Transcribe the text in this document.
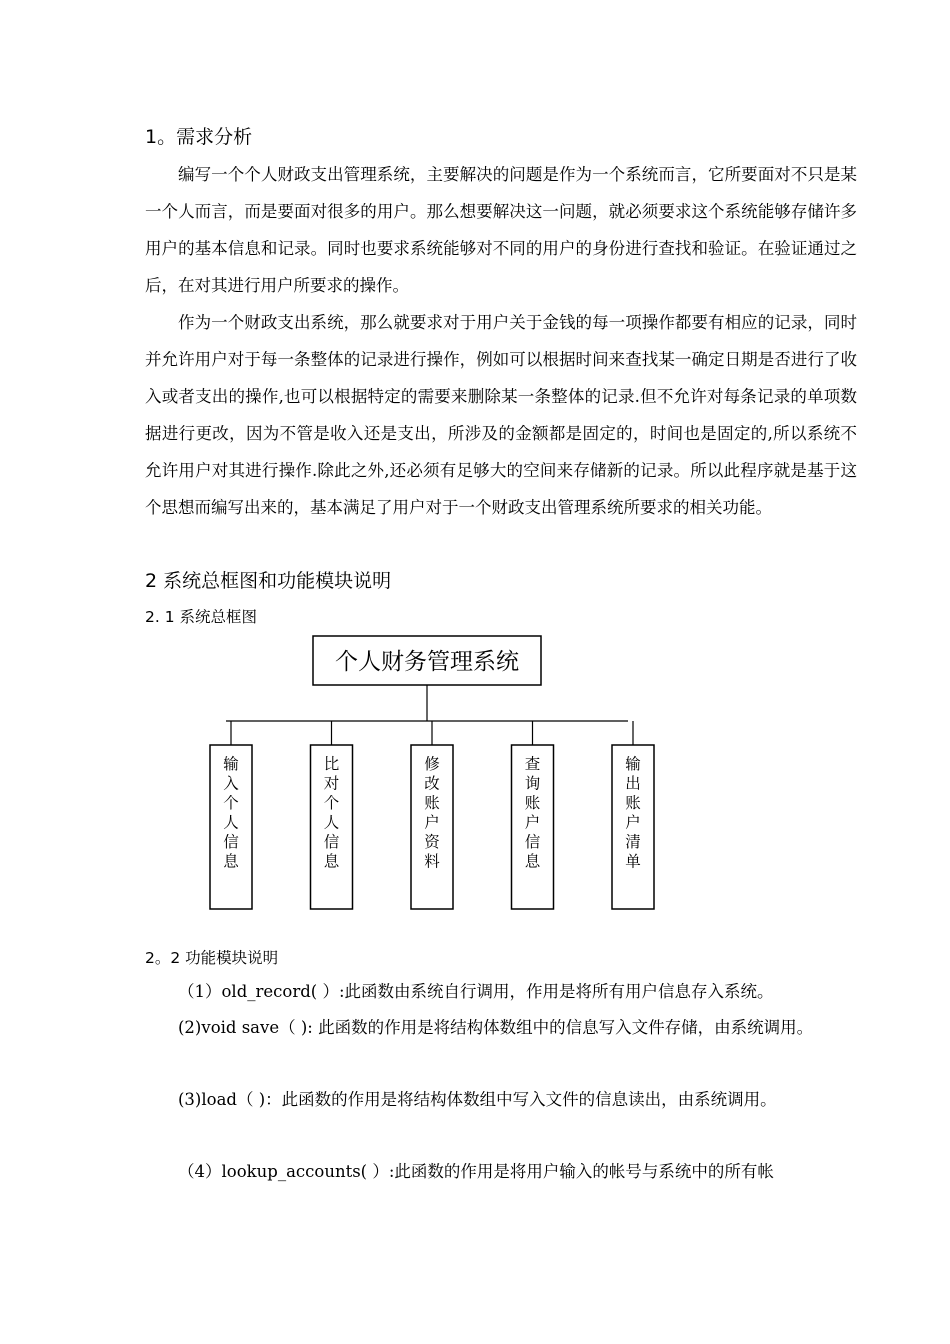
1。需求分析

编写一个个人财政支出管理系统，主要解决的问题是作为一个系统而言，它所要面对不只是某一个人而言，而是要面对很多的用户。那么想要解决这一问题，就必须要求这个系统能够存储许多用户的基本信息和记录。同时也要求系统能够对不同的用户的身份进行查找和验证。在验证通过之后，在对其进行用户所要求的操作。

作为一个财政支出系统，那么就要求对于用户关于金钱的每一项操作都要有相应的记录，同时并允许用户对于每一条整体的记录进行操作，例如可以根据时间来查找某一确定日期是否进行了收入或者支出的操作,也可以根据特定的需要来删除某一条整体的记录.但不允许对每条记录的单项数据进行更改，因为不管是收入还是支出，所涉及的金额都是固定的，时间也是固定的,所以系统不允许用户对其进行操作.除此之外,还必须有足够大的空间来存储新的记录。所以此程序就是基于这个思想而编写出来的，基本满足了用户对于一个财政支出管理系统所要求的相关功能。

2 系统总框图和功能模块说明
2. 1 系统总框图
个人财务管理系统
输入个人信息
比对个人信息
修改账户资料
查询账户信息
输出账户清单
2。2 功能模块说明

（1）old_record( ）:此函数由系统自行调用，作用是将所有用户信息存入系统。

(2)void save（ ): 此函数的作用是将结构体数组中的信息写入文件存储，由系统调用。

(3)load（ )：此函数的作用是将结构体数组中写入文件的信息读出，由系统调用。

（4）lookup_accounts( ）:此函数的作用是将用户输入的帐号与系统中的所有帐
